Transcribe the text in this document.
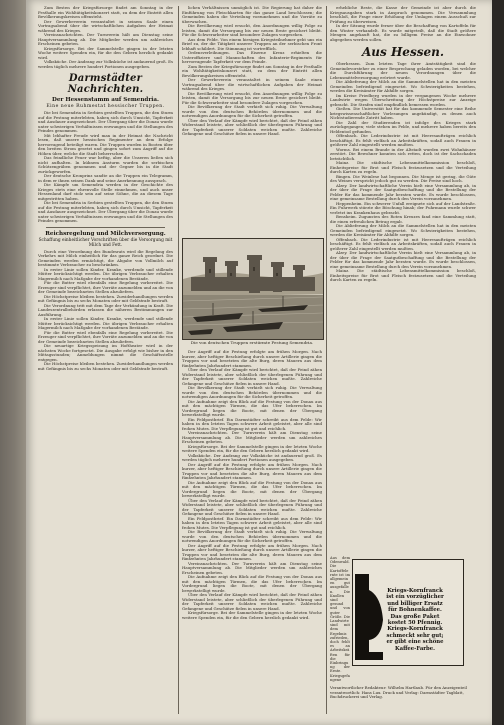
Zum Besten der Kriegsfürsorge findet am Sonntag in der Festhalle ein Wohltätigkeitskonzert statt, zu dem der Eintritt allen Bevölkerungskreisen offensteht.

Der Gewerbeverein veranstaltet in seinem Saale einen Vortragsabend über die wirtschaftlichen Aufgaben der Heimat während des Krieges.

Vereinsnachrichten. Der Turnverein hält am Dienstag seine Hauptversammlung ab. Die Mitglieder werden um zahlreiches Erscheinen gebeten.

Kriegsfürsorge. Bei der Sammelstelle gingen in der letzten Woche weitere Spenden ein, für die den Gebern herzlich gedankt wird.

Volksküche. Der Andrang zur Volksküche ist andauernd groß. Es werden täglich mehrere hundert Portionen ausgegeben.

Darmstädter Nachrichten.
Der Hessenstamm auf Semendria.
Eine neue Ruhmestat hessischer Truppen.

Die bei Semendria in Serbien gestellten Truppen, die den Sturm auf die Festung miterlebten, haben sich durch Umsicht, Tapferkeit und Ausdauer ausgezeichnet. Der Übergang über die Donau wurde unter schwierigen Verhältnissen erzwungen und die Stellungen des Feindes genommen.

Mit lebhafter Freude wird man in der Heimat die Nachricht lesen, daß unsere hessischen Regimenter an dem Erfolge hervorragend beteiligt waren. Die Truppen wurden in Booten über den breiten Strom gesetzt und gingen sofort zum Angriff auf die Höhen über, welche die Stadt beherrschen.

Das feindliche Feuer war heftig, aber die Unseren ließen sich nicht aufhalten. In kühnem Ansturm wurden die serbischen Schützengräben genommen und der Gegner bis in die Stadt zurückgeworfen.

Der deutsche Kronprinz sandte an die Truppen ein Telegramm, in dem er ihnen seinen Dank und seine Anerkennung aussprach.

Die Kämpfe um Semendria werden in der Geschichte des Krieges stets eine ehrenvolle Stelle einnehmen, und auch unser Hessenland darf stolz sein auf seine Söhne, die an diesem Tage mitgestritten haben.

Die bei Semendria in Serbien gestellten Truppen, die den Sturm auf die Festung miterlebten, haben sich durch Umsicht, Tapferkeit und Ausdauer ausgezeichnet. Der Übergang über die Donau wurde unter schwierigen Verhältnissen erzwungen und die Stellungen des Feindes genommen.

Reichsregelung und Milchversorgung.
Schaffung einheitlicher Vorschriften über die Versorgung mit Milch und Fett.

Durch eine Verordnung des Bundesrats wird die Regelung des Verkehrs mit Milch einheitlich für das ganze Reich geordnet. Die Gemeinden werden ermächtigt, die Abgabe von Vollmilch auf bestimmte Verbraucher zu beschränken.

In erster Linie sollen Kinder, Kranke, werdende und stillende Mütter berücksichtigt werden. Die übrigen Verbraucher erhalten Magermilch nach Maßgabe der vorhandenen Bestände.

Für die Butter wird ebenfalls eine Regelung vorbereitet. Die Erzeuger sind verpflichtet, ihre Vorräte anzumelden und an die von der Gemeinde bezeichneten Stellen abzuliefern.

Die Höchstpreise bleiben bestehen. Zuwiderhandlungen werden mit Gefängnis bis zu sechs Monaten oder mit Geldstrafe bestraft.

Die Verordnung tritt mit dem Tage der Verkündung in Kraft. Die Landeszentralbehörden erlassen die näheren Bestimmungen zur Ausführung.

In erster Linie sollen Kinder, Kranke, werdende und stillende Mütter berücksichtigt werden. Die übrigen Verbraucher erhalten Magermilch nach Maßgabe der vorhandenen Bestände.

Für die Butter wird ebenfalls eine Regelung vorbereitet. Die Erzeuger sind verpflichtet, ihre Vorräte anzumelden und an die von der Gemeinde bezeichneten Stellen abzuliefern.

Die neuartige Kriegsspeisung im Hoftheater wird in der nächsten Woche fortgesetzt. Die Ausgabe erfolgt wie bisher in den Mittagsstunden; Anmeldungen nimmt die Geschäftsstelle entgegen.

Die Höchstpreise bleiben bestehen. Zuwiderhandlungen werden mit Gefängnis bis zu sechs Monaten oder mit Geldstrafe bestraft.

lichen Verhältnissen unmöglich ist. Die Regierung hat daher die Einführung von Fleischkarten für das ganze Land beschlossen; die Gemeinden haben die Verteilung vorzunehmen und die Vorräte zu überwachen.

Die Bevölkerung wird ersucht, den Anordnungen willig Folge zu leisten, damit die Versorgung bis zur neuen Ernte gesichert bleibt. Für die Schwerarbeiter sind besondere Zulagen vorgesehen.

Aus dem Felde. Von einem hiesigen Kriegsteilnehmer geht uns ein Brief zu, der die Tätigkeit unserer Truppen an der serbischen Front lebhaft schildert. Die Stimmung ist vortrefflich.

Ordensverleihungen. Das Eiserne Kreuz erhielten die Unteroffiziere und Mannschaften des Infanterie-Regiments für hervorragende Tapferkeit vor dem Feinde.

Zum Besten der Kriegsfürsorge findet am Sonntag in der Festhalle ein Wohltätigkeitskonzert statt, zu dem der Eintritt allen Bevölkerungskreisen offensteht.

Der Gewerbeverein veranstaltet in seinem Saale einen Vortragsabend über die wirtschaftlichen Aufgaben der Heimat während des Krieges.

Die Bevölkerung wird ersucht, den Anordnungen willig Folge zu leisten, damit die Versorgung bis zur neuen Ernte gesichert bleibt. Für die Schwerarbeiter sind besondere Zulagen vorgesehen.

Die Bevölkerung der Stadt verhielt sich ruhig. Die Verwaltung wurde von den deutschen Behörden übernommen und die notwendigen Anordnungen für die Sicherheit getroffen.

Über den Verlauf der Kämpfe wird berichtet, daß der Feind zähen Widerstand leistete, aber schließlich der überlegenen Führung und der Tapferkeit unserer Soldaten weichen mußte. Zahlreiche Gefangene und Geschütze fielen in unsere Hand.

Die von deutschen Truppen erstürmte Festung Semendria.

Der Angriff auf die Festung erfolgte am frühen Morgen. Nach kurzer, aber heftiger Beschießung durch unsere Artillerie gingen die Truppen vor und besetzten die alte Burg, deren Mauern aus dem fünfzehnten Jahrhundert stammen.

Über den Verlauf der Kämpfe wird berichtet, daß der Feind zähen Widerstand leistete, aber schließlich der überlegenen Führung und der Tapferkeit unserer Soldaten weichen mußte. Zahlreiche Gefangene und Geschütze fielen in unsere Hand.

Die Bevölkerung der Stadt verhielt sich ruhig. Die Verwaltung wurde von den deutschen Behörden übernommen und die notwendigen Anordnungen für die Sicherheit getroffen.

Die Aufnahme zeigt den Blick auf die Festung von der Donau aus mit den mächtigen Türmen, die das Ufer beherrschen. Im Vordergrund liegen die Boote, mit denen der Übergang bewerkstelligt wurde.

Ein Feldpostbrief. Ein Darmstädter schreibt aus dem Felde: Wir haben in den letzten Tagen schwere Arbeit geleistet, aber alle sind frohen Mutes. Die Verpflegung ist gut und reichlich.

Vereinsnachrichten. Der Turnverein hält am Dienstag seine Hauptversammlung ab. Die Mitglieder werden um zahlreiches Erscheinen gebeten.

Kriegsfürsorge. Bei der Sammelstelle gingen in der letzten Woche weitere Spenden ein, für die den Gebern herzlich gedankt wird.

Volksküche. Der Andrang zur Volksküche ist andauernd groß. Es werden täglich mehrere hundert Portionen ausgegeben.

Der Angriff auf die Festung erfolgte am frühen Morgen. Nach kurzer, aber heftiger Beschießung durch unsere Artillerie gingen die Truppen vor und besetzten die alte Burg, deren Mauern aus dem fünfzehnten Jahrhundert stammen.

Die Aufnahme zeigt den Blick auf die Festung von der Donau aus mit den mächtigen Türmen, die das Ufer beherrschen. Im Vordergrund liegen die Boote, mit denen der Übergang bewerkstelligt wurde.

Über den Verlauf der Kämpfe wird berichtet, daß der Feind zähen Widerstand leistete, aber schließlich der überlegenen Führung und der Tapferkeit unserer Soldaten weichen mußte. Zahlreiche Gefangene und Geschütze fielen in unsere Hand.

Ein Feldpostbrief. Ein Darmstädter schreibt aus dem Felde: Wir haben in den letzten Tagen schwere Arbeit geleistet, aber alle sind frohen Mutes. Die Verpflegung ist gut und reichlich.

Die Bevölkerung der Stadt verhielt sich ruhig. Die Verwaltung wurde von den deutschen Behörden übernommen und die notwendigen Anordnungen für die Sicherheit getroffen.

Der Angriff auf die Festung erfolgte am frühen Morgen. Nach kurzer, aber heftiger Beschießung durch unsere Artillerie gingen die Truppen vor und besetzten die alte Burg, deren Mauern aus dem fünfzehnten Jahrhundert stammen.

Vereinsnachrichten. Der Turnverein hält am Dienstag seine Hauptversammlung ab. Die Mitglieder werden um zahlreiches Erscheinen gebeten.

Die Aufnahme zeigt den Blick auf die Festung von der Donau aus mit den mächtigen Türmen, die das Ufer beherrschen. Im Vordergrund liegen die Boote, mit denen der Übergang bewerkstelligt wurde.

Über den Verlauf der Kämpfe wird berichtet, daß der Feind zähen Widerstand leistete, aber schließlich der überlegenen Führung und der Tapferkeit unserer Soldaten weichen mußte. Zahlreiche Gefangene und Geschütze fielen in unsere Hand.

Kriegsfürsorge. Bei der Sammelstelle gingen in der letzten Woche weitere Spenden ein, für die den Gebern herzlich gedankt wird.

erhebliche Reste, die Kasse der Gemeinde ist aber durch die Kriegsausgaben stark in Anspruch genommen. Die Versammlung beschloß, die Frage einer Erhöhung der Umlagen einem Ausschuß zur Prüfung zu überweisen.

In der Sitzung wurde ferner über die Beschaffung von Kartoffeln für den Winter verhandelt. Es wurde mitgeteilt, daß die Stadt größere Mengen angekauft hat, die zu billigem Preise an die Einwohner abgegeben werden sollen.

Aus Hessen.

Oberhessen. Zum letzten Tage ihrer Amtstätigkeit sind die Gemeindevorsteher zu einer Besprechung geladen worden, bei welcher die Durchführung der neuen Verordnungen über die Lebensmittelversorgung erörtert wurde.

Die Ablieferung der Milch an die Sammelstellen hat in den meisten Gemeinden befriedigend eingesetzt. Wo Schwierigkeiten bestehen, werden die Kreisämter für Abhilfe sorgen.

Im Kreise Friedberg wurden in der vergangenen Woche mehrere Landwirte wegen Überschreitung der Höchstpreise zur Anzeige gebracht. Die Strafen sind empfindlich bemessen worden.

Gießen. Die Universität hat für das kommende Semester eine Reihe kriegswissenschaftlicher Vorlesungen angekündigt, zu denen auch Nichtstudierende Zutritt haben.

Die Zahl der Studierenden ist infolge des Krieges stark zurückgegangen; viele stehen im Felde, und mehrere haben bereits den Heldentod gefunden.

Offenbach. Die Lederindustrie ist mit Heeresaufträgen reichlich beschäftigt. Es fehlt vielfach an Arbeitskräften, sodaß auch Frauen in größerer Zahl eingestellt werden mußten.

Worms. Bei einem Brande in der Altstadt wurden zwei Wohnhäuser zerstört. Die Bewohner konnten sich retten, doch ist der Sachschaden beträchtlich.

Mainz. Die städtische Lebensmittelkommission beschloß, Einheitspreise für Brot und Fleisch festzusetzen und die Verteilung durch Karten zu regeln.

Bingen. Die Weinlese hat begonnen. Die Menge ist gering, die Güte des Weines verspricht jedoch gut zu werden. Die Preise sind hoch.

Alzey. Der landwirtschaftliche Verein hielt eine Versammlung ab, in der über die Frage der Saatgutbeschaffung und die Bestellung der Felder für das kommende Jahr beraten wurde. Es wurde beschlossen, eine gemeinsame Bestellung durch den Verein vorzunehmen.

Heppenheim. Ein schwerer Unfall ereignete sich auf der Landstraße. Ein Fuhrwerk stürzte die Böschung hinab; der Fuhrmann wurde schwer verletzt ins Krankenhaus gebracht.

Bensheim. Zugunsten des Roten Kreuzes fand eine Sammlung statt, die einen erfreulichen Betrag ergab.

Die Ablieferung der Milch an die Sammelstellen hat in den meisten Gemeinden befriedigend eingesetzt. Wo Schwierigkeiten bestehen, werden die Kreisämter für Abhilfe sorgen.

Offenbach. Die Lederindustrie ist mit Heeresaufträgen reichlich beschäftigt. Es fehlt vielfach an Arbeitskräften, sodaß auch Frauen in größerer Zahl eingestellt werden mußten.

Alzey. Der landwirtschaftliche Verein hielt eine Versammlung ab, in der über die Frage der Saatgutbeschaffung und die Bestellung der Felder für das kommende Jahr beraten wurde. Es wurde beschlossen, eine gemeinsame Bestellung durch den Verein vorzunehmen.

Mainz. Die städtische Lebensmittelkommission beschloß, Einheitspreise für Brot und Fleisch festzusetzen und die Verteilung durch Karten zu regeln.

Aus dem Odenwald. Die Kartoffelernte ist im allgemeinen gut ausgefallen. Die Knollen sind gesund und von guter Größe. Die Landwirte sind mit dem Ergebnis zufrieden, doch fehlt es an Arbeitskräften für die Einbringung der Ernte. Kriegsgefangene

Kriegs-Kornfranck

ist ein vorzüglicher

und billiger Ersatz

für Bohnenkaffee.

Das große Paket

kostet 50 Pfennig.

Kriegs-Kornfranck

schmeckt sehr gut;

er gibt eine schöne

Kaffee-Farbe.

Verantwortlicher Redakteur: Wilhelm Hartlaub. Für den Anzeigenteil verantwortlich: Hans Lux. Druck und Verlag: Darmstädter Tagblatt, Buchdruckerei und Verlag.
